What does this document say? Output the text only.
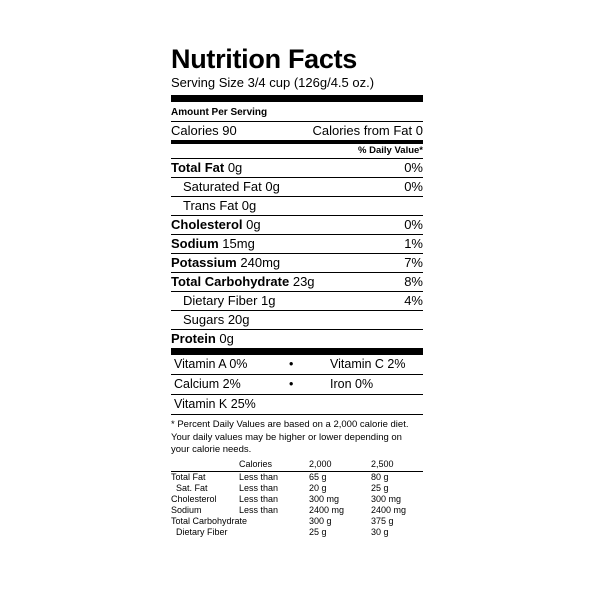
Nutrition Facts
Serving Size 3/4 cup (126g/4.5 oz.)
Amount Per Serving
Calories 90	Calories from Fat 0
% Daily Value*
Total Fat 0g	0%
Saturated Fat 0g	0%
Trans Fat 0g
Cholesterol 0g	0%
Sodium 15mg	1%
Potassium 240mg	7%
Total Carbohydrate 23g	8%
Dietary Fiber 1g	4%
Sugars 20g
Protein 0g
Vitamin A 0%	•	Vitamin C 2%
Calcium 2%	•	Iron 0%
Vitamin K 25%
* Percent Daily Values are based on a 2,000 calorie diet. Your daily values may be higher or lower depending on your calorie needs.
	Calories	2,000	2,500
Total Fat	Less than	65 g	80 g
Sat. Fat	Less than	20 g	25 g
Cholesterol	Less than	300 mg	300 mg
Sodium	Less than	2400 mg	2400 mg
Total Carbohydrate		300 g	375 g
Dietary Fiber		25 g	30 g
